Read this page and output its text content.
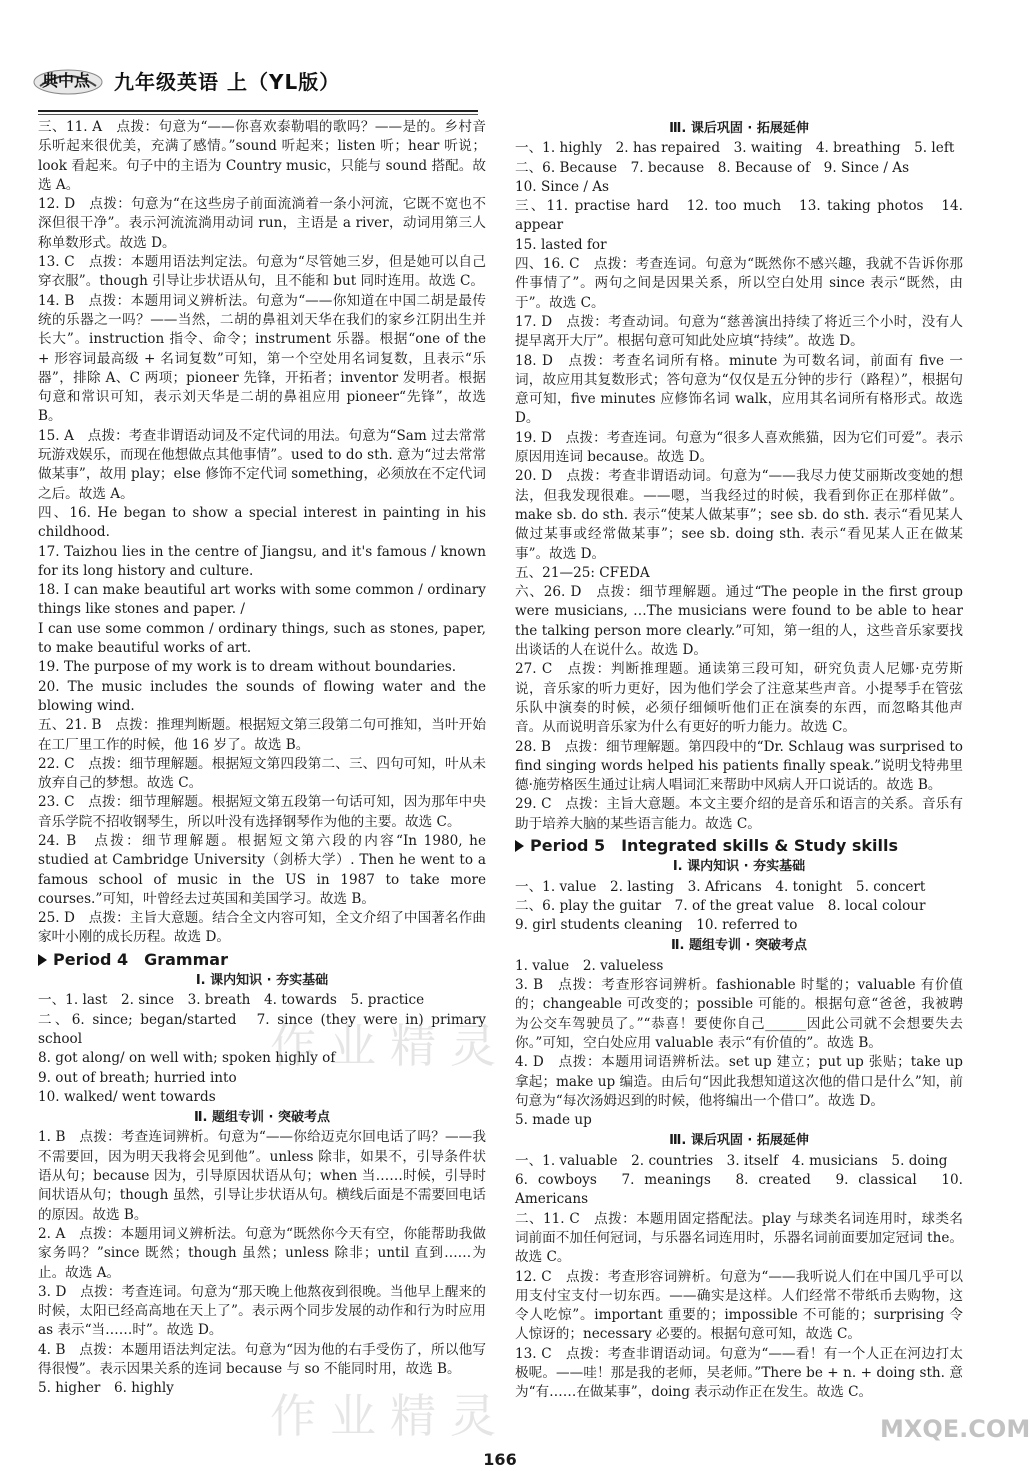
典中点 九年级英语 上（YL版）

三、11. A　点拨：句意为“——你喜欢泰勒唱的歌吗？——是的。乡村音乐听起来很优美，充满了感情。”sound 听起来；listen 听；hear 听说；look 看起来。句子中的主语为 Country music，只能与 sound 搭配。故选 A。

12. D　点拨：句意为“在这些房子前面流淌着一条小河流，它既不宽也不深但很干净”。表示河流流淌用动词 run，主语是 a river，动词用第三人称单数形式。故选 D。

13. C　点拨：本题用语法判定法。句意为“尽管她三岁，但是她可以自己穿衣服”。though 引导让步状语从句，且不能和 but 同时连用。故选 C。

14. B　点拨：本题用词义辨析法。句意为“——你知道在中国二胡是最传统的乐器之一吗？——当然，二胡的鼻祖刘天华在我们的家乡江阴出生并长大”。instruction 指令、命令；instrument 乐器。根据“one of the + 形容词最高级 + 名词复数”可知，第一个空处用名词复数，且表示“乐器”，排除 A、C 两项；pioneer 先锋，开拓者；inventor 发明者。根据句意和常识可知，表示刘天华是二胡的鼻祖应用 pioneer“先锋”，故选 B。

15. A　点拨：考查非谓语动词及不定代词的用法。句意为“Sam 过去常常玩游戏娱乐，而现在他想做点其他事情”。used to do sth. 意为“过去常常做某事”，故用 play；else 修饰不定代词 something，必须放在不定代词之后。故选 A。

四、16. He began to show a special interest in painting in his childhood.

17. Taizhou lies in the centre of Jiangsu, and it's famous / known for its long history and culture.

18. I can make beautiful art works with some common / ordinary things like stones and paper. /

I can use some common / ordinary things, such as stones, paper, to make beautiful works of art.

19. The purpose of my work is to dream without boundaries.

20. The music includes the sounds of flowing water and the blowing wind.

五、21. B　点拨：推理判断题。根据短文第三段第二句可推知，当叶开始在工厂里工作的时候，他 16 岁了。故选 B。

22. C　点拨：细节理解题。根据短文第四段第二、三、四句可知，叶从未放弃自己的梦想。故选 C。

23. C　点拨：细节理解题。根据短文第五段第一句话可知，因为那年中央音乐学院不招收钢琴生，所以叶没有选择钢琴作为他的主要。故选 C。

24. B　点拨：细节理解题。根据短文第六段的内容“In 1980, he studied at Cambridge University（剑桥大学）. Then he went to a famous school of music in the US in 1987 to take more courses.”可知，叶曾经去过英国和美国学习。故选 B。

25. D　点拨：主旨大意题。结合全文内容可知，全文介绍了中国著名作曲家叶小刚的成长历程。故选 D。

Period 4　Grammar
Ⅰ. 课内知识 · 夯实基础

一、1. last　2. since　3. breath　4. towards　5. practice

二、6. since; began/started　7. since (they were in) primary school

8. got along/ on well with; spoken highly of

9. out of breath; hurried into

10. walked/ went towards

Ⅱ. 题组专训 · 突破考点

1. B　点拨：考查连词辨析。句意为“——你给迈克尔回电话了吗？——我不需要回，因为明天我将会见到他”。unless 除非，如果不，引导条件状语从句；because 因为，引导原因状语从句；when 当……时候，引导时间状语从句；though 虽然，引导让步状语从句。横线后面是不需要回电话的原因。故选 B。

2. A　点拨：本题用词义辨析法。句意为“既然你今天有空，你能帮助我做家务吗？”since 既然；though 虽然；unless 除非；until 直到……为止。故选 A。

3. D　点拨：考查连词。句意为“那天晚上他熬夜到很晚。当他早上醒来的时候，太阳已经高高地在天上了”。表示两个同步发展的动作和行为时应用 as 表示“当……时”。故选 D。

4. B　点拨：本题用语法判定法。句意为“因为他的右手受伤了，所以他写得很慢”。表示因果关系的连词 because 与 so 不能同时用，故选 B。

5. higher　6. highly

Ⅲ. 课后巩固 · 拓展延伸

一、1. highly　2. has repaired　3. waiting　4. breathing　5. left

二、6. Because　7. because　8. Because of　9. Since / As

10. Since / As

三、11. practise hard　12. too much　13. taking photos　14. appear

15. lasted for

四、16. C　点拨：考查连词。句意为“既然你不感兴趣，我就不告诉你那件事情了”。两句之间是因果关系，所以空白处用 since 表示“既然，由于”。故选 C。

17. D　点拨：考查动词。句意为“慈善演出持续了将近三个小时，没有人提早离开大厅”。根据句意可知此处应填“持续”。故选 D。

18. D　点拨：考查名词所有格。minute 为可数名词，前面有 five 一词，故应用其复数形式；答句意为“仅仅是五分钟的步行（路程）”，根据句意可知，five minutes 应修饰名词 walk，应用其名词所有格形式。故选 D。

19. D　点拨：考查连词。句意为“很多人喜欢熊猫，因为它们可爱”。表示原因用连词 because。故选 D。

20. D　点拨：考查非谓语动词。句意为“——我尽力使艾丽斯改变她的想法，但我发现很难。——嗯，当我经过的时候，我看到你正在那样做”。make sb. do sth. 表示“使某人做某事”；see sb. do sth. 表示“看见某人做过某事或经常做某事”；see sb. doing sth. 表示“看见某人正在做某事”。故选 D。

五、21—25: CFEDA

六、26. D　点拨：细节理解题。通过“The people in the first group were musicians, …The musicians were found to be able to hear the talking person more clearly.”可知，第一组的人，这些音乐家要找出谈话的人在说什么。故选 D。

27. C　点拨：判断推理题。通读第三段可知，研究负责人尼娜·克劳斯说，音乐家的听力更好，因为他们学会了注意某些声音。小提琴手在管弦乐队中演奏的时候，必须仔细倾听他们正在演奏的东西，而忽略其他声音。从而说明音乐家为什么有更好的听力能力。故选 C。

28. B　点拨：细节理解题。第四段中的“Dr. Schlaug was surprised to find singing words helped his patients finally speak.”说明戈特弗里德·施劳格医生通过让病人唱词汇来帮助中风病人开口说话的。故选 B。

29. C　点拨：主旨大意题。本文主要介绍的是音乐和语言的关系。音乐有助于培养大脑的某些语言能力。故选 C。

Period 5　Integrated skills & Study skills
Ⅰ. 课内知识 · 夯实基础

一、1. value　2. lasting　3. Africans　4. tonight　5. concert

二、6. play the guitar　7. of the great value　8. local colour

9. girl students cleaning　10. referred to

Ⅱ. 题组专训 · 突破考点

1. value　2. valueless

3. B　点拨：考查形容词辨析。fashionable 时髦的；valuable 有价值的；changeable 可改变的；possible 可能的。根据句意“爸爸，我被聘为公交车驾驶员了。”“恭喜！要使你自己______因此公司就不会想要失去你。”可知，空白处应用 valuable 表示“有价值的”。故选 B。

4. D　点拨：本题用词语辨析法。set up 建立；put up 张贴；take up 拿起；make up 编造。由后句“因此我想知道这次他的借口是什么”知，前句意为“每次汤姆迟到的时候，他将编出一个借口”。故选 D。

5. made up

Ⅲ. 课后巩固 · 拓展延伸

一、1. valuable　2. countries　3. itself　4. musicians　5. doing

6. cowboys　7. meanings　8. created　9. classical　10. Americans

二、11. C　点拨：本题用固定搭配法。play 与球类名词连用时，球类名词前面不加任何冠词，与乐器名词连用时，乐器名词前面要加定冠词 the。故选 C。

12. C　点拨：考查形容词辨析。句意为“——我听说人们在中国几乎可以用支付宝支付一切东西。——确实是这样。人们经常不带纸币去购物，这令人吃惊”。important 重要的；impossible 不可能的；surprising 令人惊讶的；necessary 必要的。根据句意可知，故选 C。

13. C　点拨：考查非谓语动词。句意为“——看！有一个人正在河边打太极呢。——哇！那是我的老师，吴老师。”There be + n. + doing sth. 意为“有……在做某事”，doing 表示动作正在发生。故选 C。

作业精灵
作业精灵	MXQE.COM
166
